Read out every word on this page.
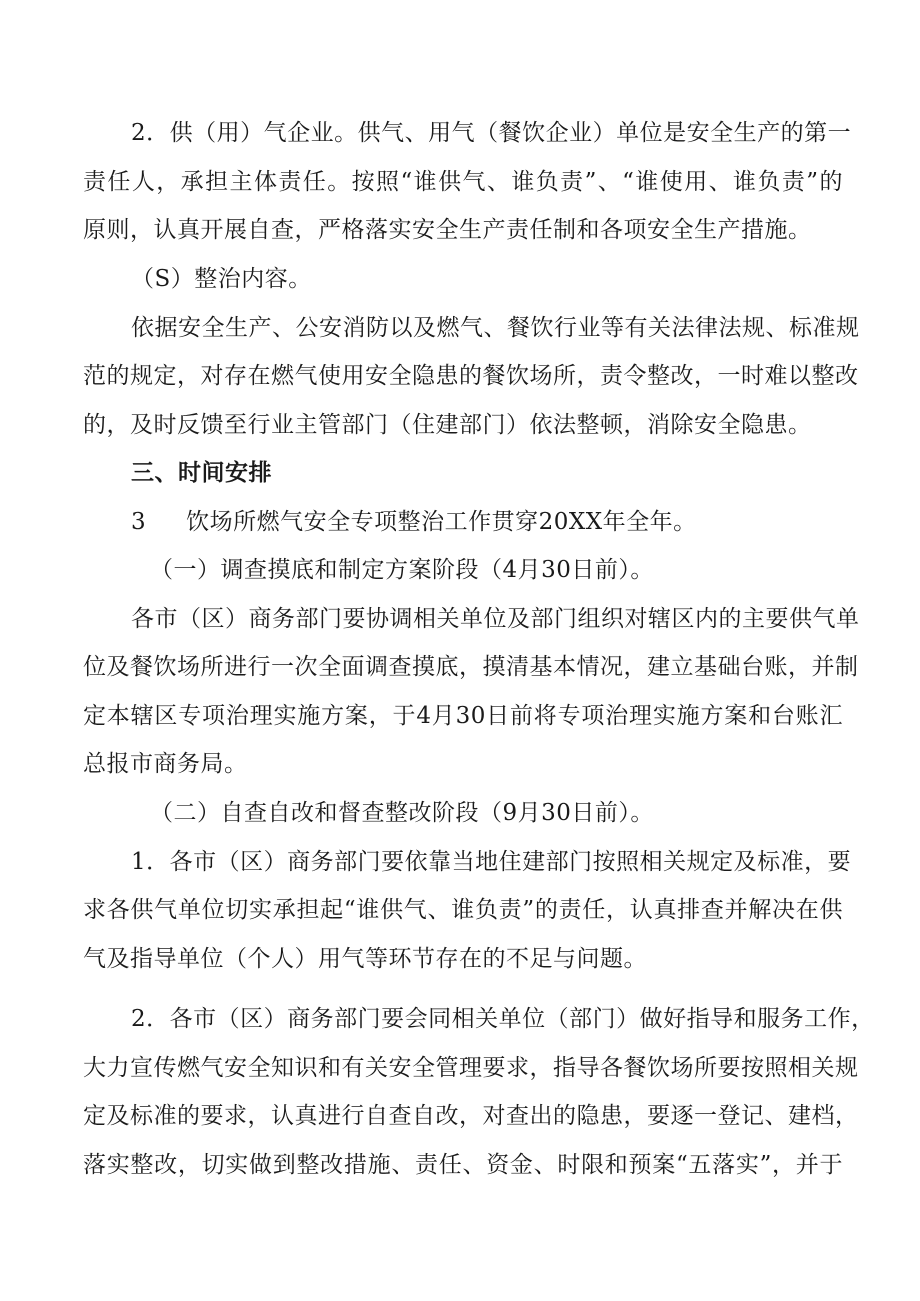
2．供（用）气企业。供气、用气（餐饮企业）单位是安全生产的第一
责任人，承担主体责任。按照“谁供气、谁负责”、“谁使用、谁负责”的
原则，认真开展自查，严格落实安全生产责任制和各项安全生产措施。
（S）整治内容。
依据安全生产、公安消防以及燃气、餐饮行业等有关法律法规、标准规
范的规定，对存在燃气使用安全隐患的餐饮场所，责令整改，一时难以整改
的，及时反馈至行业主管部门（住建部门）依法整顿，消除安全隐患。
三、时间安排
3 饮场所燃气安全专项整治工作贯穿20XX年全年。
（一）调查摸底和制定方案阶段（4月30日前）。
各市（区）商务部门要协调相关单位及部门组织对辖区内的主要供气单
位及餐饮场所进行一次全面调查摸底，摸清基本情况，建立基础台账，并制
定本辖区专项治理实施方案，于4月30日前将专项治理实施方案和台账汇
总报市商务局。
（二）自查自改和督查整改阶段（9月30日前）。
1．各市（区）商务部门要依靠当地住建部门按照相关规定及标准，要
求各供气单位切实承担起“谁供气、谁负责”的责任，认真排查并解决在供
气及指导单位（个人）用气等环节存在的不足与问题。
2．各市（区）商务部门要会同相关单位（部门）做好指导和服务工作，
大力宣传燃气安全知识和有关安全管理要求，指导各餐饮场所要按照相关规
定及标准的要求，认真进行自查自改，对查出的隐患，要逐一登记、建档，
落实整改，切实做到整改措施、责任、资金、时限和预案“五落实”，并于
